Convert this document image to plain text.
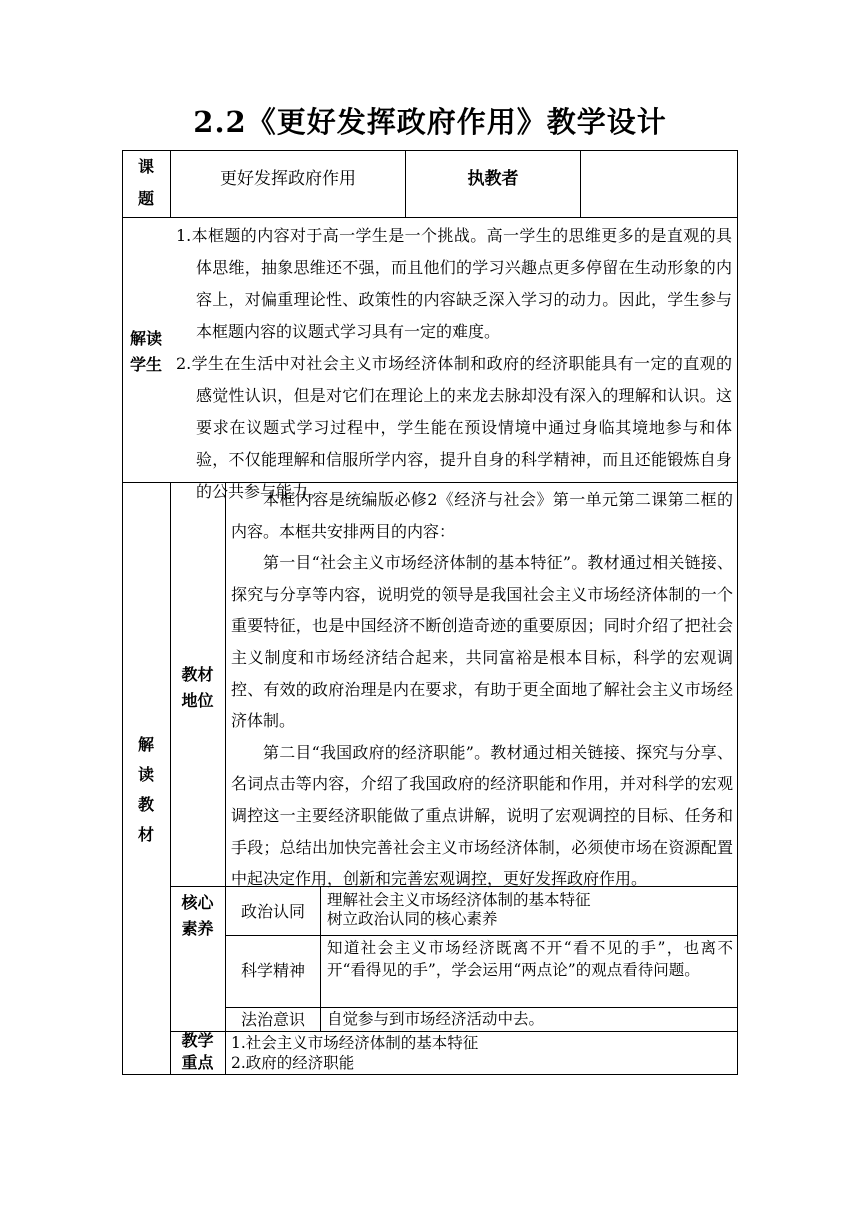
2.2《更好发挥政府作用》教学设计
课
题
更好发挥政府作用	执教者
解读
学生

1.本框题的内容对于高一学生是一个挑战。高一学生的思维更多的是直观的具体思维，抽象思维还不强，而且他们的学习兴趣点更多停留在生动形象的内容上，对偏重理论性、政策性的内容缺乏深入学习的动力。因此，学生参与本框题内容的议题式学习具有一定的难度。

2.学生在生活中对社会主义市场经济体制和政府的经济职能具有一定的直观的感觉性认识，但是对它们在理论上的来龙去脉却没有深入的理解和认识。这要求在议题式学习过程中，学生能在预设情境中通过身临其境地参与和体验，不仅能理解和信服所学内容，提升自身的科学精神，而且还能锻炼自身的公共参与能力。

解
读
教
材
教材
地位

本框内容是统编版必修2《经济与社会》第一单元第二课第二框的内容。本框共安排两目的内容：

第一目“社会主义市场经济体制的基本特征”。教材通过相关链接、探究与分享等内容，说明党的领导是我国社会主义市场经济体制的一个重要特征，也是中国经济不断创造奇迹的重要原因；同时介绍了把社会主义制度和市场经济结合起来，共同富裕是根本目标，科学的宏观调控、有效的政府治理是内在要求，有助于更全面地了解社会主义市场经济体制。

第二目“我国政府的经济职能”。教材通过相关链接、探究与分享、名词点击等内容，介绍了我国政府的经济职能和作用，并对科学的宏观调控这一主要经济职能做了重点讲解，说明了宏观调控的目标、任务和手段；总结出加快完善社会主义市场经济体制，必须使市场在资源配置中起决定作用，创新和完善宏观调控，更好发挥政府作用。

核心
素养
政治认同
理解社会主义市场经济体制的基本特征
树立政治认同的核心素养
科学精神
知道社会主义市场经济既离不开“看不见的手”，也离不开“看得见的手”，学会运用“两点论”的观点看待问题。
法治意识	自觉参与到市场经济活动中去。
教学
重点
1.社会主义市场经济体制的基本特征
2.政府的经济职能
